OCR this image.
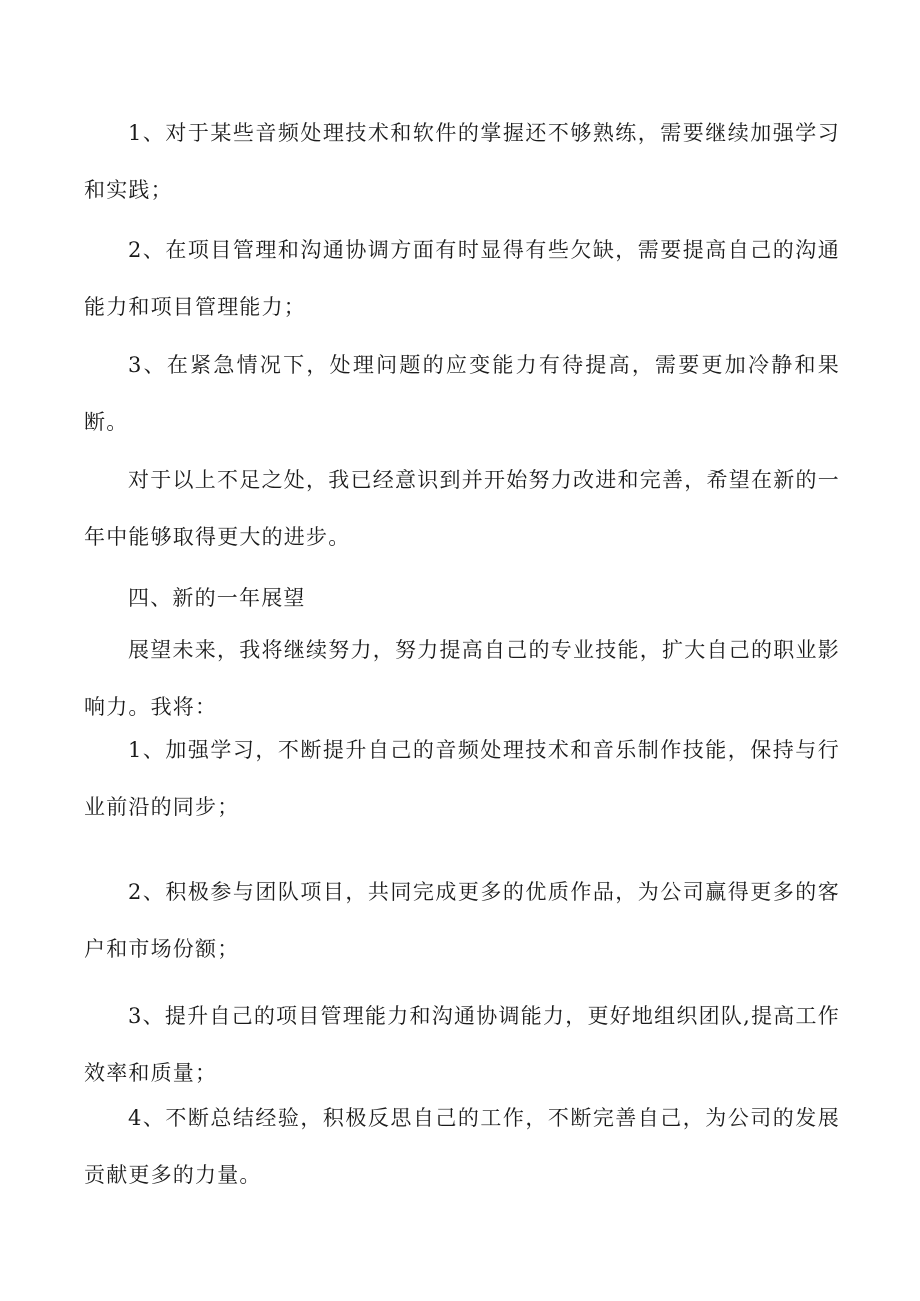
1、对于某些音频处理技术和软件的掌握还不够熟练，需要继续加强学习和实践；

2、在项目管理和沟通协调方面有时显得有些欠缺，需要提高自己的沟通能力和项目管理能力；

3、在紧急情况下，处理问题的应变能力有待提高，需要更加冷静和果断。

对于以上不足之处，我已经意识到并开始努力改进和完善，希望在新的一年中能够取得更大的进步。

四、新的一年展望

展望未来，我将继续努力，努力提高自己的专业技能，扩大自己的职业影响力。我将：

1、加强学习，不断提升自己的音频处理技术和音乐制作技能，保持与行业前沿的同步；

2、积极参与团队项目，共同完成更多的优质作品，为公司赢得更多的客户和市场份额；

3、提升自己的项目管理能力和沟通协调能力，更好地组织团队,提高工作效率和质量；

4、不断总结经验，积极反思自己的工作，不断完善自己，为公司的发展贡献更多的力量。
